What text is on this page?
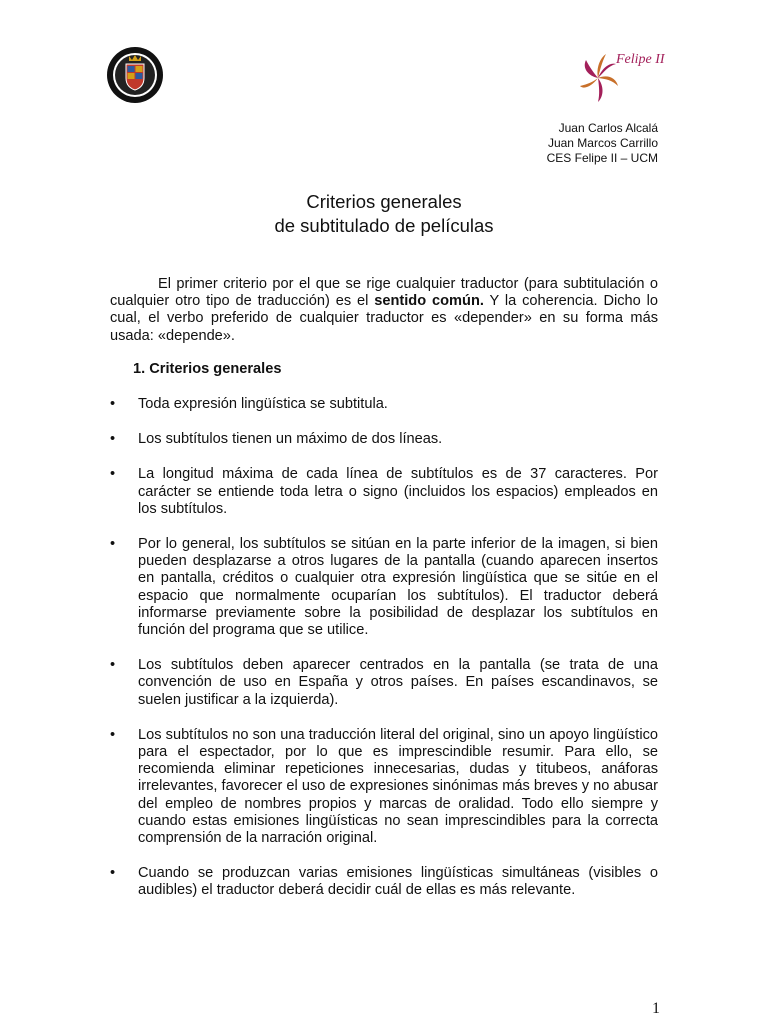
Felipe II
Juan Carlos Alcalá
Juan Marcos Carrillo
CES Felipe II – UCM
Criterios generales
de subtitulado de películas

El primer criterio por el que se rige cualquier traductor (para subtitulación o cualquier otro tipo de traducción) es el sentido común. Y la coherencia. Dicho lo cual, el verbo preferido de cualquier traductor es «depender» en su forma más usada: «depende».

1. Criterios generales
• Toda expresión lingüística se subtitula.
• Los subtítulos tienen un máximo de dos líneas.
• La longitud máxima de cada línea de subtítulos es de 37 caracteres. Por carácter se entiende toda letra o signo (incluidos los espacios) empleados en los subtítulos.
• Por lo general, los subtítulos se sitúan en la parte inferior de la imagen, si bien pueden desplazarse a otros lugares de la pantalla (cuando aparecen insertos en pantalla, créditos o cualquier otra expresión lingüística que se sitúe en el espacio que normalmente ocuparían los subtítulos). El traductor deberá informarse previamente sobre la posibilidad de desplazar los subtítulos en función del programa que se utilice.
• Los subtítulos deben aparecer centrados en la pantalla (se trata de una convención de uso en España y otros países. En países escandinavos, se suelen justificar a la izquierda).
• Los subtítulos no son una traducción literal del original, sino un apoyo lingüístico para el espectador, por lo que es imprescindible resumir. Para ello, se recomienda eliminar repeticiones innecesarias, dudas y titubeos, anáforas irrelevantes, favorecer el uso de expresiones sinónimas más breves y no abusar del empleo de nombres propios y marcas de oralidad. Todo ello siempre y cuando estas emisiones lingüísticas no sean imprescindibles para la correcta comprensión de la narración original.
• Cuando se produzcan varias emisiones lingüísticas simultáneas (visibles o audibles) el traductor deberá decidir cuál de ellas es más relevante.
1
